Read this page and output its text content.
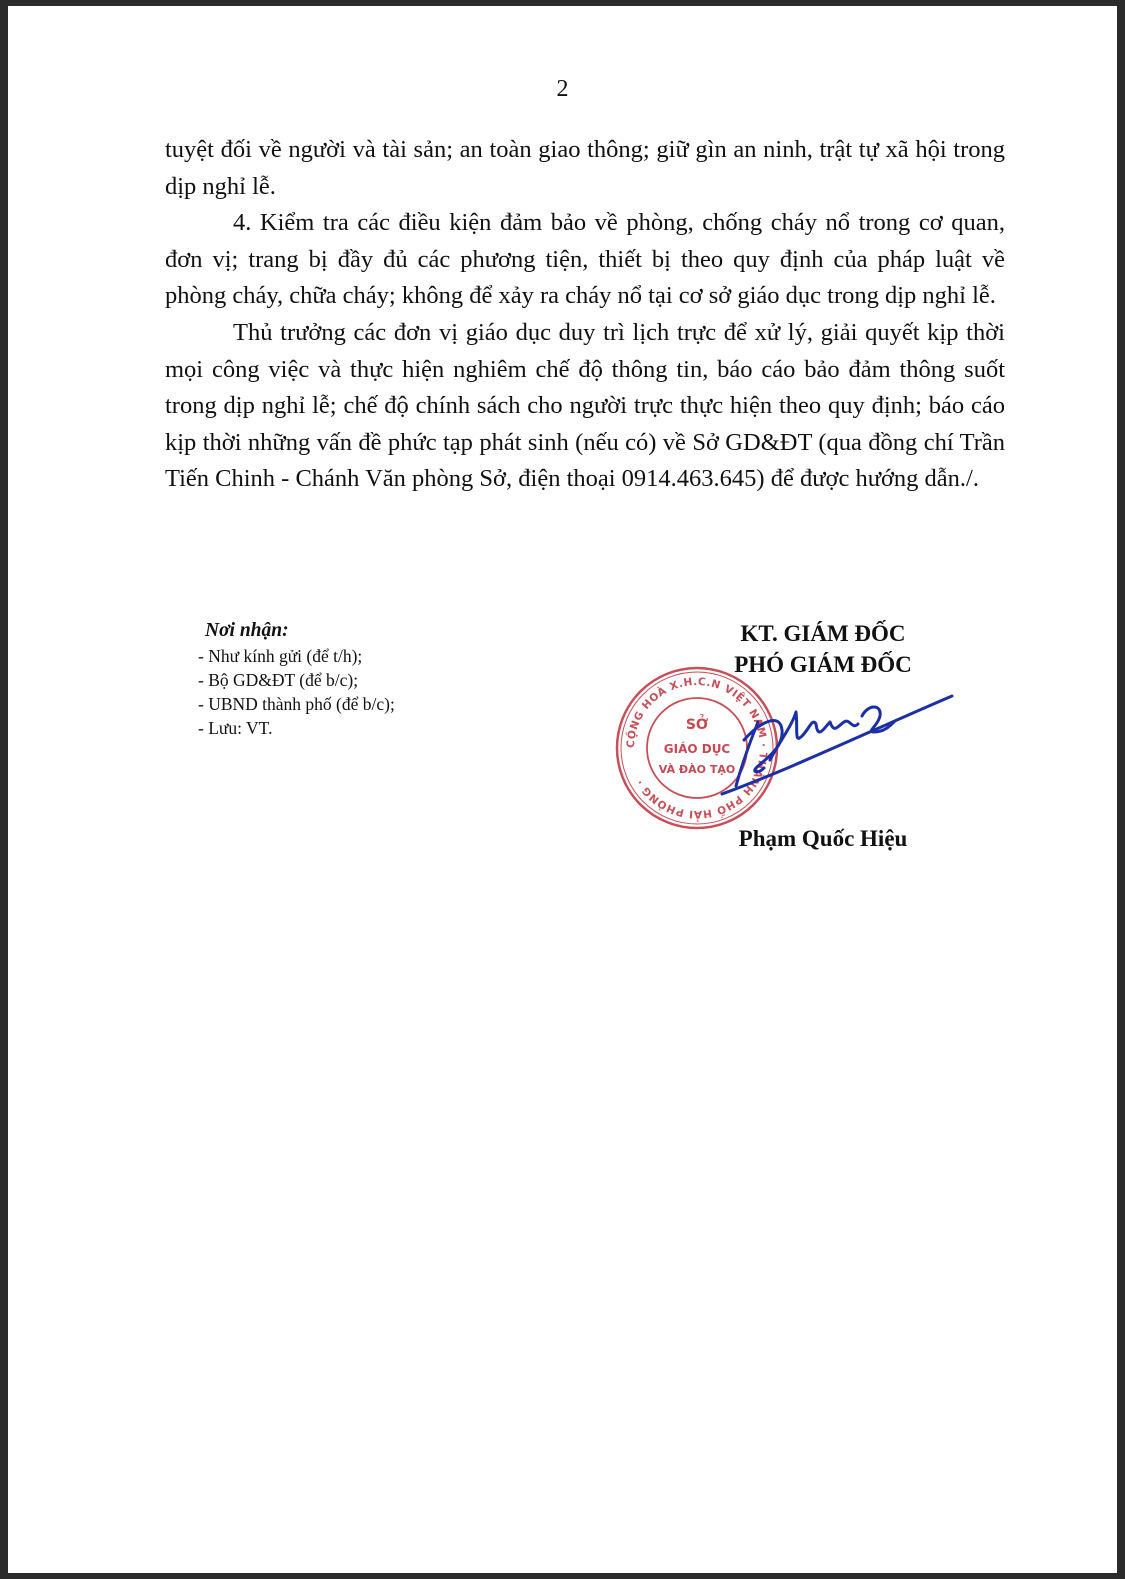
2

tuyệt đối về người và tài sản; an toàn giao thông; giữ gìn an ninh, trật tự xã hội trong dịp nghỉ lễ.

4. Kiểm tra các điều kiện đảm bảo về phòng, chống cháy nổ trong cơ quan, đơn vị; trang bị đầy đủ các phương tiện, thiết bị theo quy định của pháp luật về phòng cháy, chữa cháy; không để xảy ra cháy nổ tại cơ sở giáo dục trong dịp nghỉ lễ.

Thủ trưởng các đơn vị giáo dục duy trì lịch trực để xử lý, giải quyết kịp thời mọi công việc và thực hiện nghiêm chế độ thông tin, báo cáo bảo đảm thông suốt trong dịp nghỉ lễ; chế độ chính sách cho người trực thực hiện theo quy định; báo cáo kịp thời những vấn đề phức tạp phát sinh (nếu có) về Sở GD&ĐT (qua đồng chí Trần Tiến Chinh - Chánh Văn phòng Sở, điện thoại 0914.463.645) để được hướng dẫn./.

Nơi nhận:
- Như kính gửi (để t/h);
- Bộ GD&ĐT (để b/c);
- UBND thành phố (để b/c);
- Lưu: VT.
KT. GIÁM ĐỐC
PHÓ GIÁM ĐỐC
CỘNG HOÀ X.H.C.N VIỆT NAM · THÀNH PHỐ HẢI PHÒNG ·
SỞ
GIÁO DỤC
VÀ ĐÀO TẠO
Phạm Quốc Hiệu
